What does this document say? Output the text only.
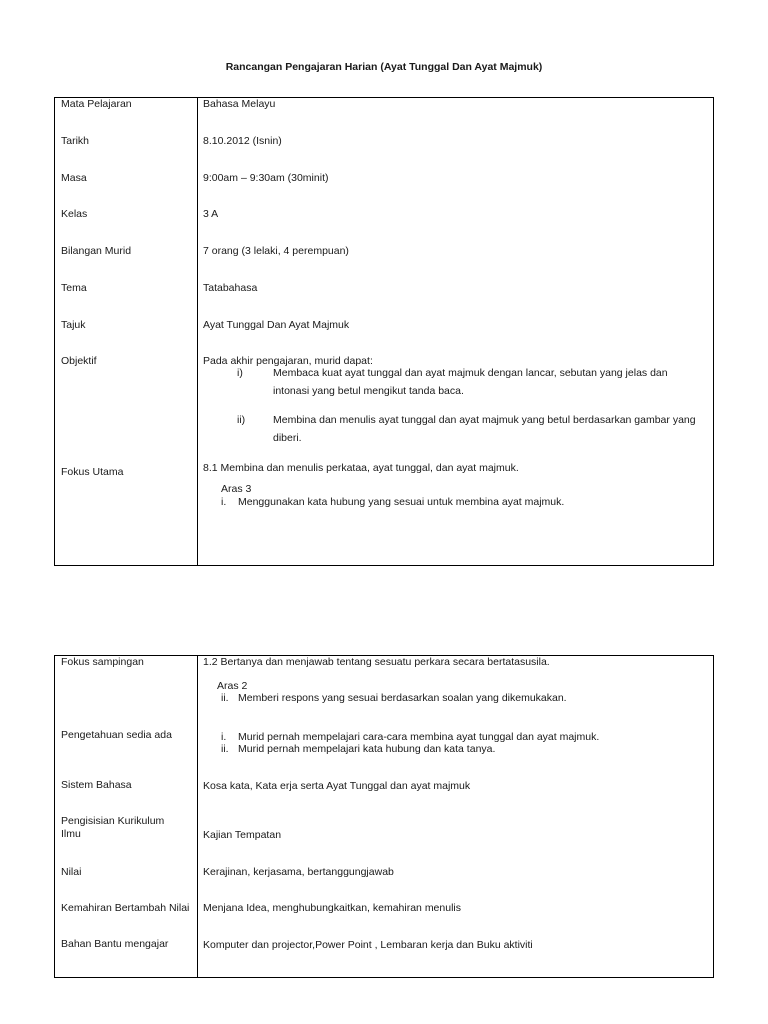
Rancangan Pengajaran Harian (Ayat Tunggal Dan Ayat Majmuk)
Mata Pelajaran	Bahasa Melayu
Tarikh	8.10.2012 (Isnin)
Masa	9:00am – 9:30am (30minit)
Kelas	3 A
Bilangan Murid	7 orang (3 lelaki, 4 perempuan)
Tema	Tatabahasa
Tajuk	Ayat Tunggal Dan Ayat Majmuk
Objektif	Pada akhir pengajaran, murid dapat:

i)	Membaca kuat ayat tunggal dan ayat majmuk dengan lancar, sebutan yang jelas dan

intonasi yang betul mengikut tanda baca.

ii)	Membina dan menulis ayat tunggal dan ayat majmuk yang betul berdasarkan gambar yang

diberi.

Fokus Utama	8.1 Membina dan menulis perkataa, ayat tunggal, dan ayat majmuk.

Aras 3

i. Menggunakan kata hubung yang sesuai untuk membina ayat majmuk.
Fokus sampingan	1.2 Bertanya dan menjawab tentang sesuatu perkara secara bertatasusila.

Aras 2

ii. Memberi respons yang sesuai berdasarkan soalan yang dikemukakan.
Pengetahuan sedia ada	i. Murid pernah mempelajari cara-cara membina ayat tunggal dan ayat majmuk.
ii. Murid pernah mempelajari kata hubung dan kata tanya.
Sistem Bahasa	Kosa kata, Kata erja serta Ayat Tunggal dan ayat majmuk

Pengisisian Kurikulum

Ilmu	Kajian Tempatan
Nilai	Kerajinan, kerjasama, bertanggungjawab
Kemahiran Bertambah Nilai	Menjana Idea, menghubungkaitkan, kemahiran menulis
Bahan Bantu mengajar	Komputer dan projector,Power Point , Lembaran kerja dan Buku aktiviti
